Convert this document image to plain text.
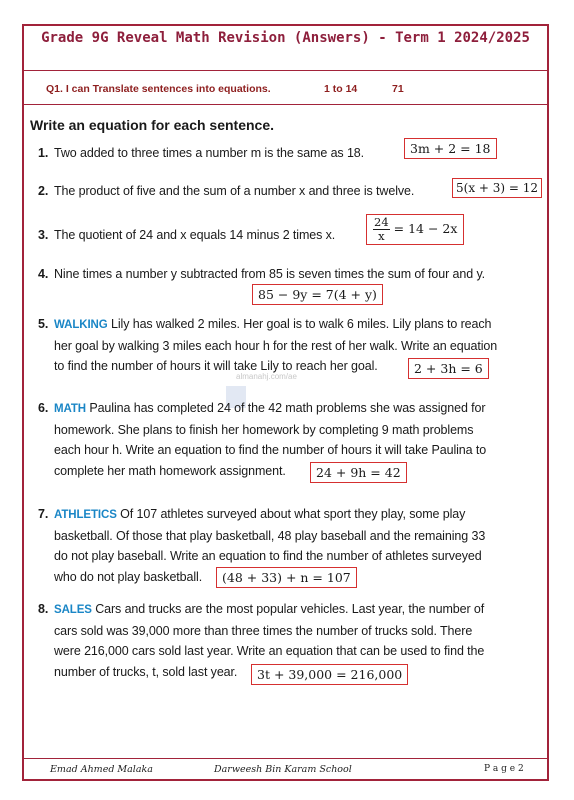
Grade 9G Reveal Math Revision (Answers) - Term 1 2024/2025
Q1. I can Translate sentences into equations.	1 to 14	71
Write an equation for each sentence.
1. Two added to three times a number m is the same as 18.	3m + 2 = 18
2. The product of five and the sum of a number x and three is twelve.	5(x + 3) = 12
3. The quotient of 24 and x equals 14 minus 2 times x.	$\frac{24}{x} = 14 - 2x$
4. Nine times a number y subtracted from 85 is seven times the sum of four and y.
85 − 9y = 7(4 + y)
5. WALKING Lily has walked 2 miles. Her goal is to walk 6 miles. Lily plans to reach
her goal by walking 3 miles each hour h for the rest of her walk. Write an equation
to find the number of hours it will take Lily to reach her goal.	2 + 3h = 6
almanahj.com/ae
6. MATH Paulina has completed 24 of the 42 math problems she was assigned for
homework. She plans to finish her homework by completing 9 math problems
each hour h. Write an equation to find the number of hours it will take Paulina to
complete her math homework assignment.	24 + 9h = 42
7. ATHLETICS Of 107 athletes surveyed about what sport they play, some play
basketball. Of those that play basketball, 48 play baseball and the remaining 33
do not play baseball. Write an equation to find the number of athletes surveyed
who do not play basketball.	(48 + 33) + n = 107
8. SALES Cars and trucks are the most popular vehicles. Last year, the number of
cars sold was 39,000 more than three times the number of trucks sold. There
were 216,000 cars sold last year. Write an equation that can be used to find the
number of trucks, t, sold last year.	3t + 39,000 = 216,000
Emad Ahmed Malaka	Darweesh Bin Karam School	P a g e 2
